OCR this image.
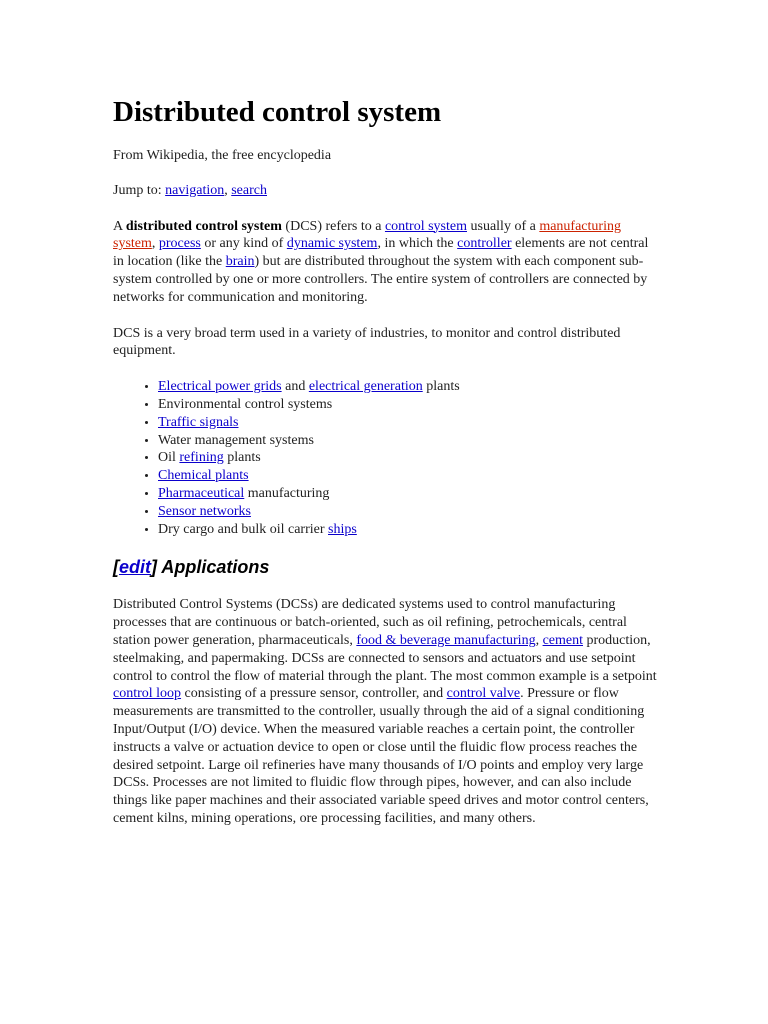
Distributed control system
From Wikipedia, the free encyclopedia
Jump to: navigation, search

A distributed control system (DCS) refers to a control system usually of a manufacturing system, process or any kind of dynamic system, in which the controller elements are not central in location (like the brain) but are distributed throughout the system with each component sub-system controlled by one or more controllers. The entire system of controllers are connected by networks for communication and monitoring.

DCS is a very broad term used in a variety of industries, to monitor and control distributed equipment.

• Electrical power grids and electrical generation plants
• Environmental control systems
• Traffic signals
• Water management systems
• Oil refining plants
• Chemical plants
• Pharmaceutical manufacturing
• Sensor networks
• Dry cargo and bulk oil carrier ships
[edit] Applications

Distributed Control Systems (DCSs) are dedicated systems used to control manufacturing processes that are continuous or batch-oriented, such as oil refining, petrochemicals, central station power generation, pharmaceuticals, food & beverage manufacturing, cement production, steelmaking, and papermaking. DCSs are connected to sensors and actuators and use setpoint control to control the flow of material through the plant. The most common example is a setpoint control loop consisting of a pressure sensor, controller, and control valve. Pressure or flow measurements are transmitted to the controller, usually through the aid of a signal conditioning Input/Output (I/O) device. When the measured variable reaches a certain point, the controller instructs a valve or actuation device to open or close until the fluidic flow process reaches the desired setpoint. Large oil refineries have many thousands of I/O points and employ very large DCSs. Processes are not limited to fluidic flow through pipes, however, and can also include things like paper machines and their associated variable speed drives and motor control centers, cement kilns, mining operations, ore processing facilities, and many others.
